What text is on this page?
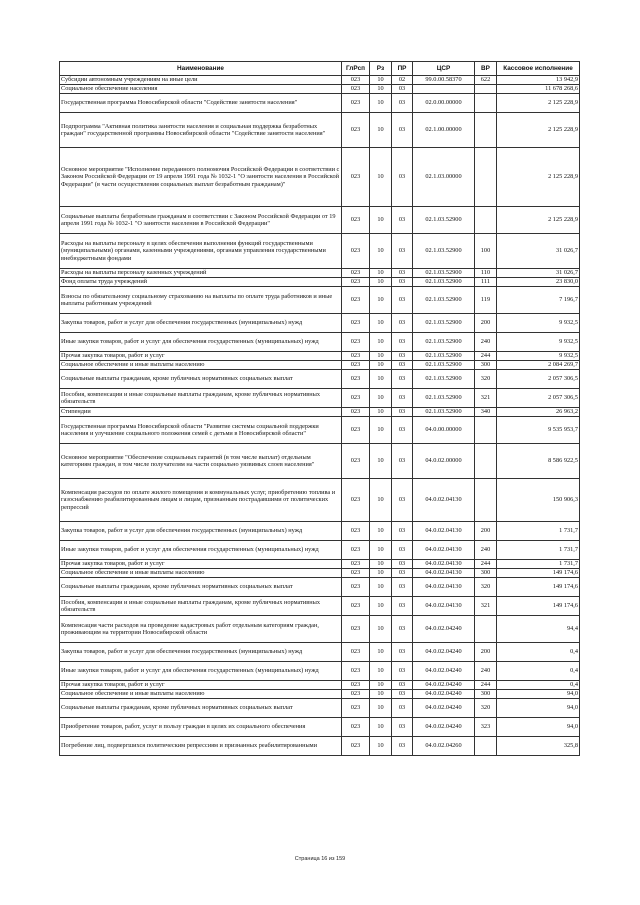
Наименование	ГлРсп	Рз	ПР	ЦСР	ВР	Кассовое исполнение
Субсидии автономным учреждениям на иные цели	023	10	02	99.0.00.58370	622	13 942,9
Социальное обеспечение населения	023	10	03			11 678 268,6
Государственная программа Новосибирской области "Содействие занятости населения"	023	10	03	02.0.00.00000		2 125 228,9
Подпрограмма "Активная политика занятости населения и социальная поддержка безработных граждан" государственной программы Новосибирской области "Содействие занятости населения"	023	10	03	02.1.00.00000		2 125 228,9
Основное мероприятие "Исполнение переданного полномочия Российской Федерации в соответствии с Законом Российской Федерации от 19 апреля 1991 года № 1032-1 "О занятости населения в Российской Федерации" (в части осуществления социальных выплат безработным гражданам)"	023	10	03	02.1.03.00000		2 125 228,9
Социальные выплаты безработным гражданам в соответствии с Законом Российской Федерации от 19 апреля 1991 года № 1032-1 "О занятости населения в Российской Федерации"	023	10	03	02.1.03.52900		2 125 228,9
Расходы на выплаты персоналу в целях обеспечения выполнения функций государственными (муниципальными) органами, казенными учреждениями, органами управления государственными внебюджетными фондами	023	10	03	02.1.03.52900	100	31 026,7
Расходы на выплаты персоналу казенных учреждений	023	10	03	02.1.03.52900	110	31 026,7
Фонд оплаты труда учреждений	023	10	03	02.1.03.52900	111	23 830,0
Взносы по обязательному социальному страхованию на выплаты по оплате труда работников и иные выплаты работникам учреждений	023	10	03	02.1.03.52900	119	7 196,7
Закупка товаров, работ и услуг для обеспечения государственных (муниципальных) нужд	023	10	03	02.1.03.52900	200	9 932,5
Иные закупки товаров, работ и услуг для обеспечения государственных (муниципальных) нужд	023	10	03	02.1.03.52900	240	9 932,5
Прочая закупка товаров, работ и услуг	023	10	03	02.1.03.52900	244	9 932,5
Социальное обеспечение и иные выплаты населению	023	10	03	02.1.03.52900	300	2 084 269,7
Социальные выплаты гражданам, кроме публичных нормативных социальных выплат	023	10	03	02.1.03.52900	320	2 057 306,5
Пособия, компенсации и иные социальные выплаты гражданам, кроме публичных нормативных обязательств	023	10	03	02.1.03.52900	321	2 057 306,5
Стипендии	023	10	03	02.1.03.52900	340	26 963,2
Государственная программа Новосибирской области "Развитие системы социальной поддержки населения и улучшение социального положения семей с детьми в Новосибирской области"	023	10	03	04.0.00.00000		9 535 953,7
Основное мероприятие "Обеспечение социальных гарантий (в том числе выплат) отдельным категориям граждан, в том числе получателям на части социально уязвимых слоев населения"	023	10	03	04.0.02.00000		8 586 922,5
Компенсация расходов по оплате жилого помещения и коммунальных услуг, приобретению топлива и газоснабжению реабилитированным лицам и лицам, признанным пострадавшими от политических репрессий	023	10	03	04.0.02.04130		150 906,3
Закупка товаров, работ и услуг для обеспечения государственных (муниципальных) нужд	023	10	03	04.0.02.04130	200	1 731,7
Иные закупки товаров, работ и услуг для обеспечения государственных (муниципальных) нужд	023	10	03	04.0.02.04130	240	1 731,7
Прочая закупка товаров, работ и услуг	023	10	03	04.0.02.04130	244	1 731,7
Социальное обеспечение и иные выплаты населению	023	10	03	04.0.02.04130	300	149 174,6
Социальные выплаты гражданам, кроме публичных нормативных социальных выплат	023	10	03	04.0.02.04130	320	149 174,6
Пособия, компенсации и иные социальные выплаты гражданам, кроме публичных нормативных обязательств	023	10	03	04.0.02.04130	321	149 174,6
Компенсация части расходов на проведение кадастровых работ отдельным категориям граждан, проживающим на территории Новосибирской области	023	10	03	04.0.02.04240		94,4
Закупка товаров, работ и услуг для обеспечения государственных (муниципальных) нужд	023	10	03	04.0.02.04240	200	0,4
Иные закупки товаров, работ и услуг для обеспечения государственных (муниципальных) нужд	023	10	03	04.0.02.04240	240	0,4
Прочая закупка товаров, работ и услуг	023	10	03	04.0.02.04240	244	0,4
Социальное обеспечение и иные выплаты населению	023	10	03	04.0.02.04240	300	94,0
Социальные выплаты гражданам, кроме публичных нормативных социальных выплат	023	10	03	04.0.02.04240	320	94,0
Приобретение товаров, работ, услуг в пользу граждан в целях их социального обеспечения	023	10	03	04.0.02.04240	323	94,0
Погребение лиц, подвергшихся политическим репрессиям и признанных реабилитированными	023	10	03	04.0.02.04260		325,8
Страница 16 из 159
